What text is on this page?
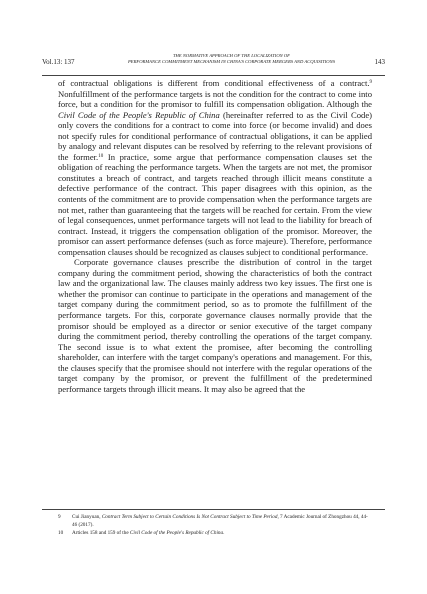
Vol.13: 137
THE NORMATIVE APPROACH OF THE LOCALIZATION OF
PERFORMANCE COMMITMENT MECHANISM IN CHINA'S CORPORATE MERGERS AND ACQUISITIONS	143

of contractual obligations is different from conditional effectiveness of a contract.$^9$ Nonfulfillment of the performance targets is not the condition for the contract to come into force, but a condition for the promisor to fulfill its compensation obligation. Although the Civil Code of the People's Republic of China (hereinafter referred to as the Civil Code) only covers the conditions for a contract to come into force (or become invalid) and does not specify rules for conditional performance of contractual obligations, it can be applied by analogy and relevant disputes can be resolved by referring to the relevant provisions of the former.$^{10}$ In practice, some argue that performance compensation clauses set the obligation of reaching the performance targets. When the targets are not met, the promisor constitutes a breach of contract, and targets reached through illicit means constitute a defective performance of the contract. This paper disagrees with this opinion, as the contents of the commitment are to provide compensation when the performance targets are not met, rather than guaranteeing that the targets will be reached for certain. From the view of legal consequences, unmet performance targets will not lead to the liability for breach of contract. Instead, it triggers the compensation obligation of the promisor. Moreover, the promisor can assert performance defenses (such as force majeure). Therefore, performance compensation clauses should be recognized as clauses subject to conditional performance.

Corporate governance clauses prescribe the distribution of control in the target company during the commitment period, showing the characteristics of both the contract law and the organizational law. The clauses mainly address two key issues. The first one is whether the promisor can continue to participate in the operations and management of the target company during the commitment period, so as to promote the fulfillment of the performance targets. For this, corporate governance clauses normally provide that the promisor should be employed as a director or senior executive of the target company during the commitment period, thereby controlling the operations of the target company. The second issue is to what extent the promisee, after becoming the controlling shareholder, can interfere with the target company's operations and management. For this, the clauses specify that the promisee should not interfere with the regular operations of the target company by the promisor, or prevent the fulfillment of the predetermined performance targets through illicit means. It may also be agreed that the

9 Cui Jianyuan, Contract Term Subject to Certain Conditions Is Not Contract Subject to Time Period, 7 Academic Journal of Zhongzhou 44, 44-46 (2017).
10 Articles 158 and 159 of the Civil Code of the People's Republic of China.
